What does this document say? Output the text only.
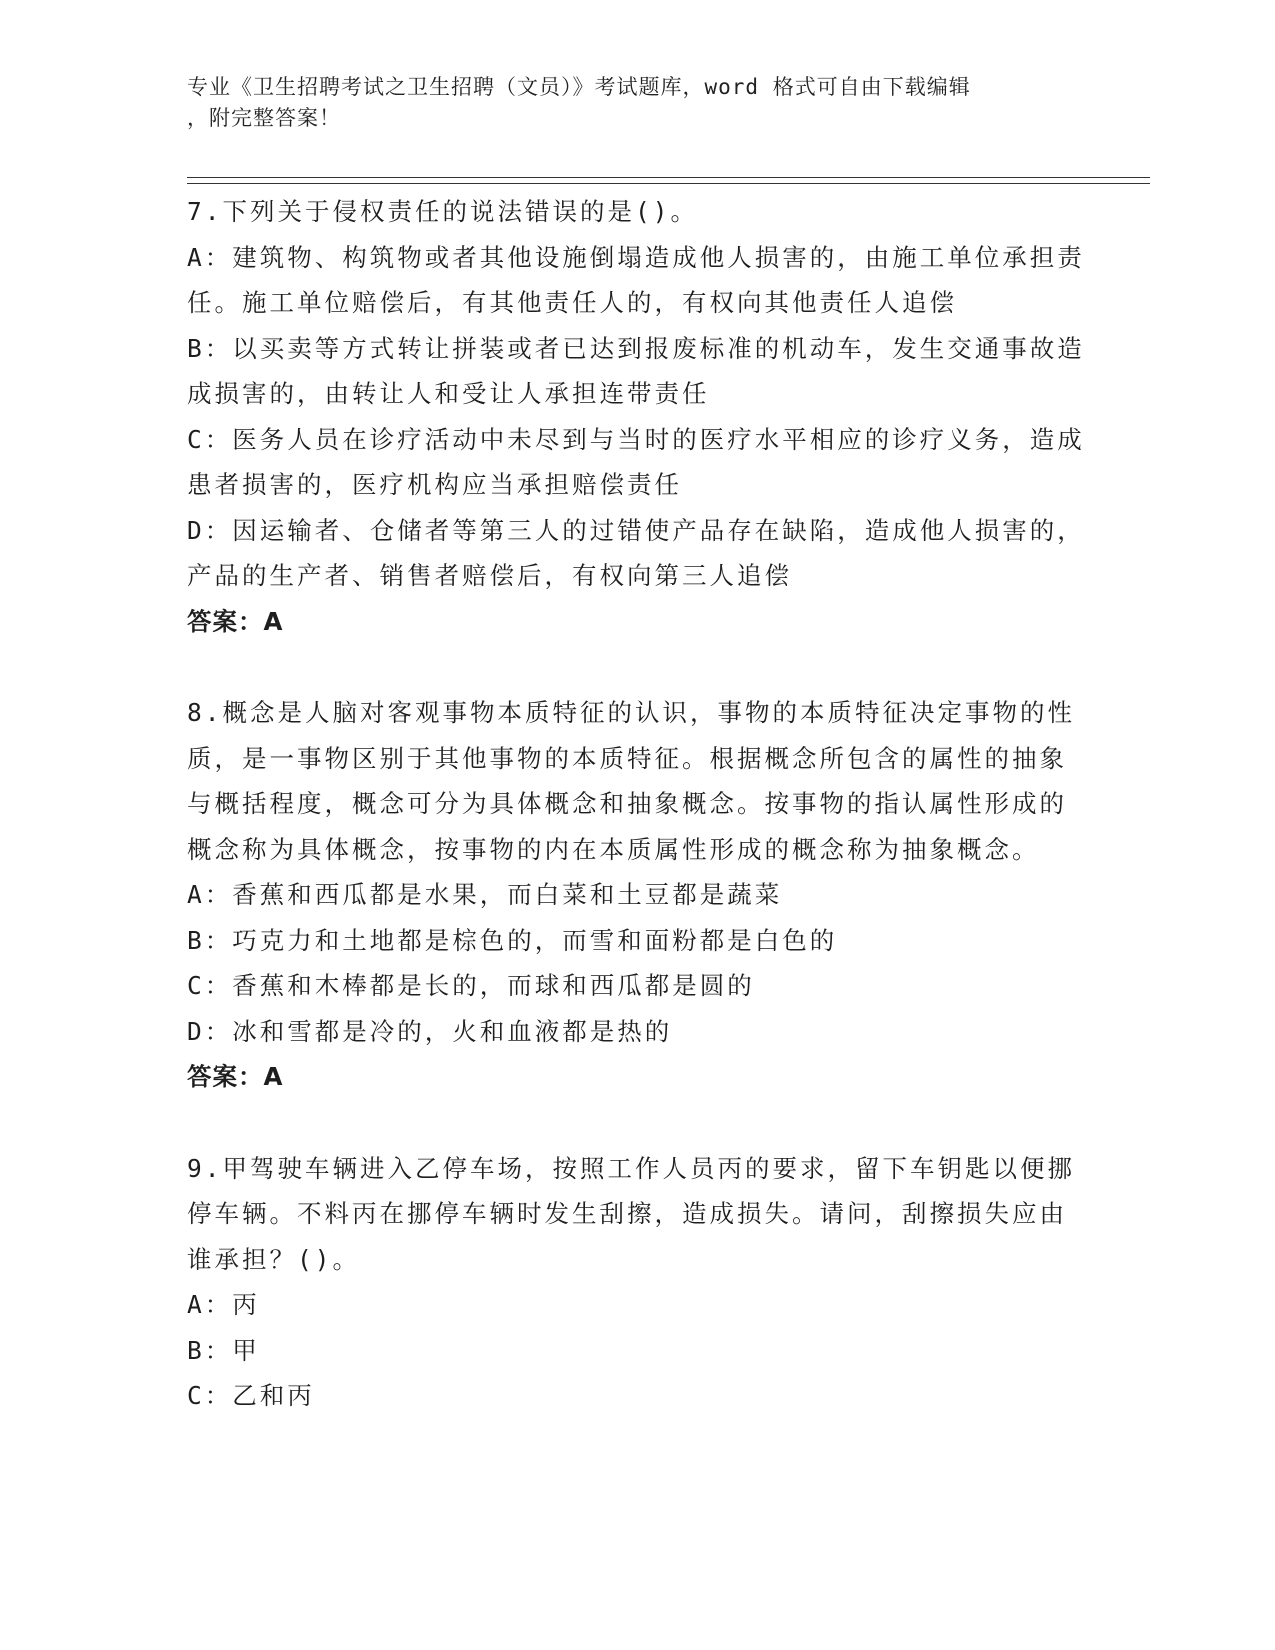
专业《卫生招聘考试之卫生招聘（文员）》考试题库，word 格式可自由下载编辑
，附完整答案！

7.下列关于侵权责任的说法错误的是()。

A：建筑物、构筑物或者其他设施倒塌造成他人损害的，由施工单位承担责任。施工单位赔偿后，有其他责任人的，有权向其他责任人追偿

B：以买卖等方式转让拼装或者已达到报废标准的机动车，发生交通事故造成损害的，由转让人和受让人承担连带责任

C：医务人员在诊疗活动中未尽到与当时的医疗水平相应的诊疗义务，造成患者损害的，医疗机构应当承担赔偿责任

D：因运输者、仓储者等第三人的过错使产品存在缺陷，造成他人损害的，产品的生产者、销售者赔偿后，有权向第三人追偿

答案：A

8.概念是人脑对客观事物本质特征的认识，事物的本质特征决定事物的性质，是一事物区别于其他事物的本质特征。根据概念所包含的属性的抽象与概括程度，概念可分为具体概念和抽象概念。按事物的指认属性形成的概念称为具体概念，按事物的内在本质属性形成的概念称为抽象概念。

A：香蕉和西瓜都是水果，而白菜和土豆都是蔬菜

B：巧克力和土地都是棕色的，而雪和面粉都是白色的

C：香蕉和木棒都是长的，而球和西瓜都是圆的

D：冰和雪都是冷的，火和血液都是热的

答案：A

9.甲驾驶车辆进入乙停车场，按照工作人员丙的要求，留下车钥匙以便挪停车辆。不料丙在挪停车辆时发生刮擦，造成损失。请问，刮擦损失应由谁承担？()。

A：丙

B：甲

C：乙和丙
